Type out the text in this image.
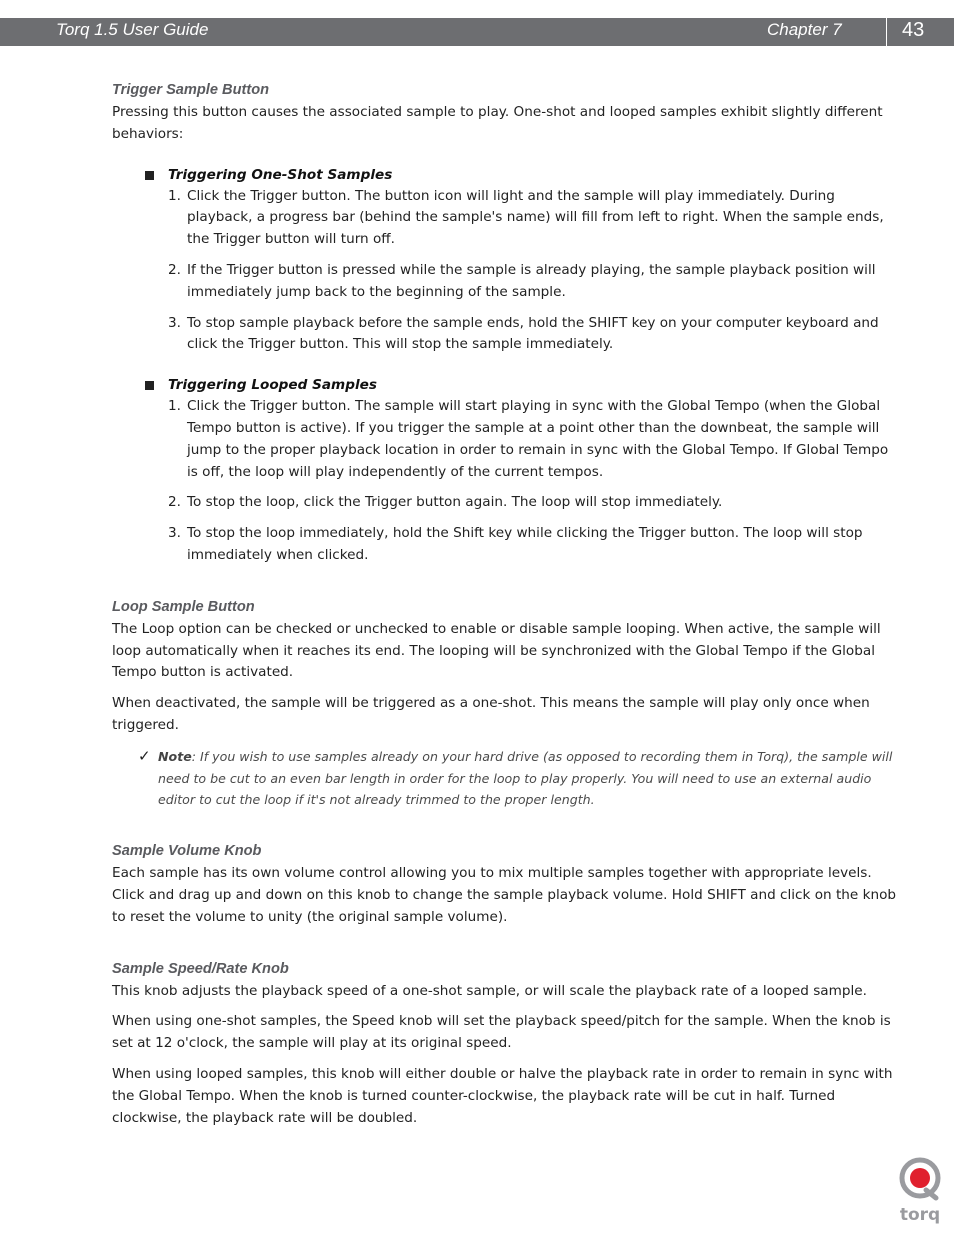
Torq 1.5 User Guide	Chapter 7	43
Trigger Sample Button

Pressing this button causes the associated sample to play. One-shot and looped samples exhibit slightly different behaviors:

Triggering One-Shot Samples
1. Click the Trigger button. The button icon will light and the sample will play immediately. During playback, a progress bar (behind the sample's name) will fill from left to right. When the sample ends, the Trigger button will turn off.
2. If the Trigger button is pressed while the sample is already playing, the sample playback position will immediately jump back to the beginning of the sample.
3. To stop sample playback before the sample ends, hold the SHIFT key on your computer keyboard and click the Trigger button. This will stop the sample immediately.
Triggering Looped Samples
1. Click the Trigger button. The sample will start playing in sync with the Global Tempo (when the Global Tempo button is active). If you trigger the sample at a point other than the downbeat, the sample will jump to the proper playback location in order to remain in sync with the Global Tempo. If Global Tempo is off, the loop will play independently of the current tempos.
2. To stop the loop, click the Trigger button again. The loop will stop immediately.
3. To stop the loop immediately, hold the Shift key while clicking the Trigger button. The loop will stop immediately when clicked.
Loop Sample Button

The Loop option can be checked or unchecked to enable or disable sample looping. When active, the sample will loop automatically when it reaches its end. The looping will be synchronized with the Global Tempo if the Global Tempo button is activated.

When deactivated, the sample will be triggered as a one-shot. This means the sample will play only once when triggered.

✓ Note: If you wish to use samples already on your hard drive (as opposed to recording them in Torq), the sample will need to be cut to an even bar length in order for the loop to play properly. You will need to use an external audio editor to cut the loop if it's not already trimmed to the proper length.
Sample Volume Knob

Each sample has its own volume control allowing you to mix multiple samples together with appropriate levels. Click and drag up and down on this knob to change the sample playback volume. Hold SHIFT and click on the knob to reset the volume to unity (the original sample volume).

Sample Speed/Rate Knob

This knob adjusts the playback speed of a one-shot sample, or will scale the playback rate of a looped sample.

When using one-shot samples, the Speed knob will set the playback speed/pitch for the sample. When the knob is set at 12 o'clock, the sample will play at its original speed.

When using looped samples, this knob will either double or halve the playback rate in order to remain in sync with the Global Tempo. When the knob is turned counter-clockwise, the playback rate will be cut in half. Turned clockwise, the playback rate will be doubled.

torq
